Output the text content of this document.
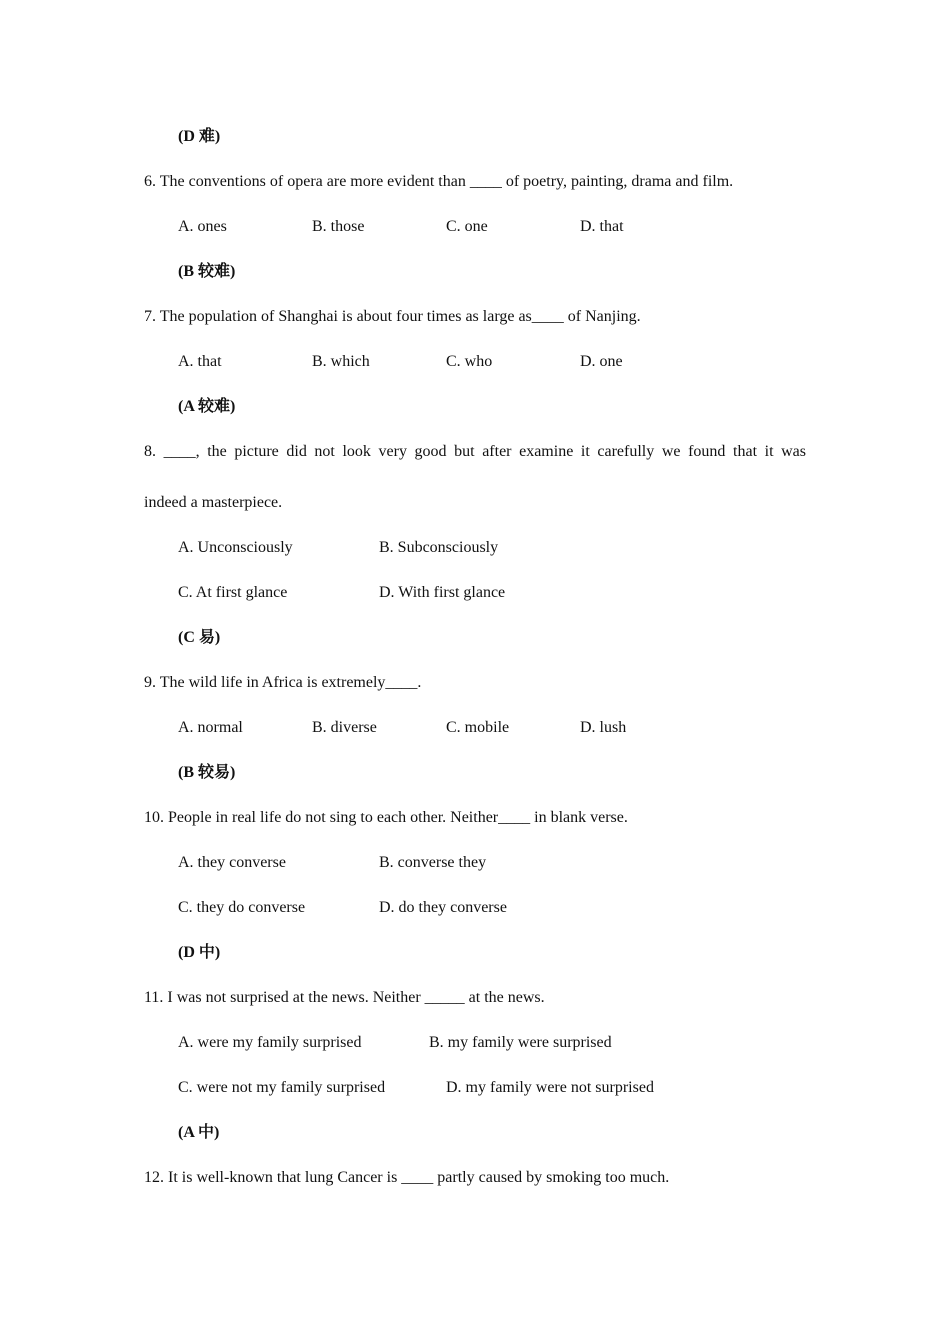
(D 难)
6. The conventions of opera are more evident than ____ of poetry, painting, drama and film.
A. ones	B. those	C. one	D. that
(B 较难)
7. The population of Shanghai is about four times as large as____ of Nanjing.
A. that	B. which	C. who	D. one
(A 较难)
8. ____, the picture did not look very good but after examine it carefully we found that it was
indeed a masterpiece.
A. Unconsciously	B. Subconsciously
C. At first glance	D. With first glance
(C 易)
9. The wild life in Africa is extremely____.
A. normal	B. diverse	C. mobile	D. lush
(B 较易)
10. People in real life do not sing to each other. Neither____ in blank verse.
A. they converse	B. converse they
C. they do converse	D. do they converse
(D 中)
11. I was not surprised at the news. Neither _____ at the news.
A. were my family surprised	B. my family were surprised
C. were not my family surprised	D. my family were not surprised
(A 中)
12. It is well-known that lung Cancer is ____ partly caused by smoking too much.
